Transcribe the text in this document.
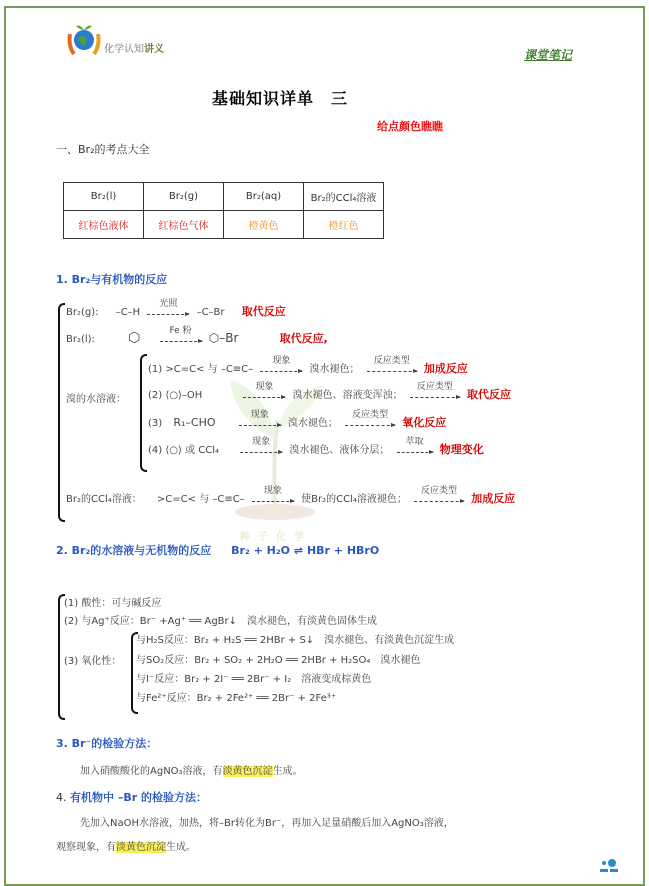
种子化学
化学认知讲义	课堂笔记
基础知识详单　三
给点颜色瞧瞧
一、Br₂的考点大全
Br₂(l)	Br₂(g)	Br₂(aq)	Br₂的CCl₄溶液
红棕色液体	红棕色气体	橙黄色	橙红色
1. Br₂与有机物的反应
Br₂(g): –C–H
光照
–C–Br 取代反应
Br₂(l): ⬡	Fe 粉	⬡–Br	取代反应,
溴的水溶液：
(1) >C=C< 与 –C≡C–
现象
溴水褪色；
反应类型
加成反应
(2) ⟨○⟩–OH
现象
溴水褪色、溶液变浑浊；
反应类型
取代反应
(3) R₁–CHO
现象
溴水褪色；
反应类型
氧化反应
(4) ⟨○⟩ 或 CCl₄
现象
溴水褪色、液体分层；
萃取
物理变化
Br₂的CCl₄溶液： >C=C< 与 –C≡C–
现象
使Br₂的CCl₄溶液褪色；
反应类型
加成反应
2. Br₂的水溶液与无机物的反应 Br₂ + H₂O ⇌ HBr + HBrO
(1) 酸性：可与碱反应
(2) 与Ag⁺反应：Br⁻ +Ag⁺ ══ AgBr↓　溴水褪色，有淡黄色固体生成
(3) 氧化性：
与H₂S反应：Br₂ + H₂S ══ 2HBr + S↓　溴水褪色、有淡黄色沉淀生成
与SO₂反应：Br₂ + SO₂ + 2H₂O ══ 2HBr + H₂SO₄　溴水褪色
与I⁻反应：Br₂ + 2I⁻ ══ 2Br⁻ + I₂　溶液变成棕黄色
与Fe²⁺反应：Br₂ + 2Fe²⁺ ══ 2Br⁻ + 2Fe³⁺
3. Br⁻的检验方法：
加入硝酸酸化的AgNO₃溶液，有淡黄色沉淀生成。
4. 有机物中 –Br 的检验方法：
先加入NaOH水溶液，加热，将–Br转化为Br⁻，再加入足量硝酸后加入AgNO₃溶液，
观察现象，有淡黄色沉淀生成。
